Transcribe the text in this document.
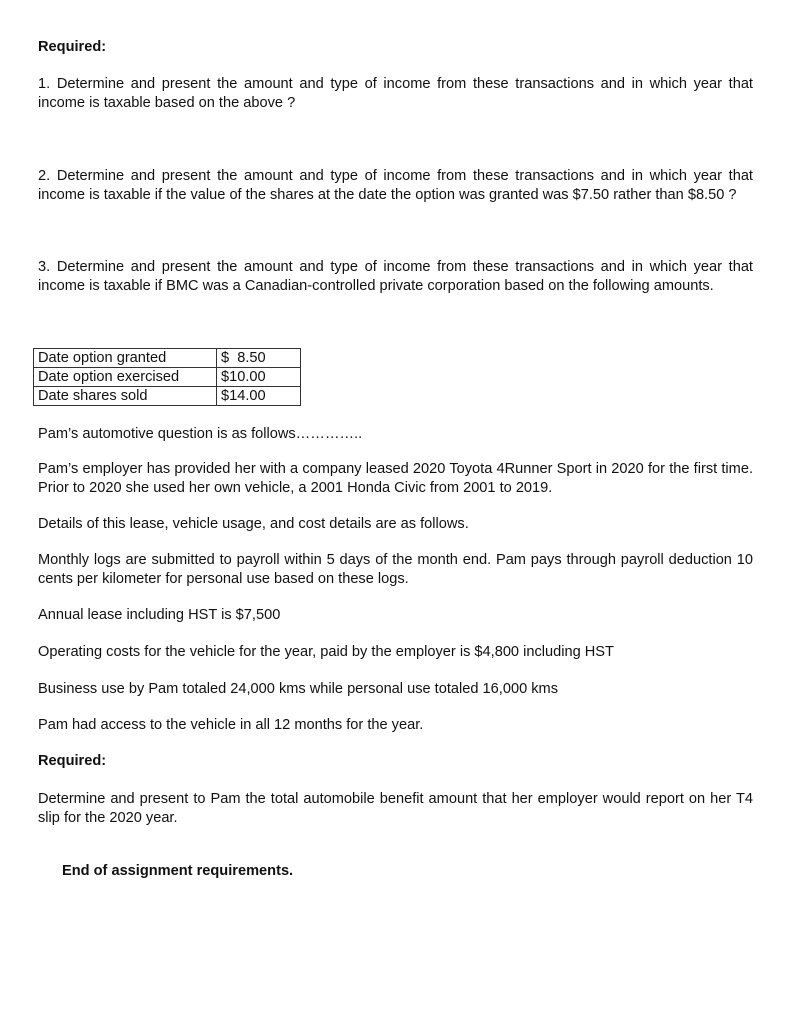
Required:

1. Determine and present the amount and type of income from these transactions and in which year that income is taxable based on the above ?

2. Determine and present the amount and type of income from these transactions and in which year that income is taxable if the value of the shares at the date the option was granted was $7.50 rather than $8.50 ?

3. Determine and present the amount and type of income from these transactions and in which year that income is taxable if BMC was a Canadian-controlled private corporation based on the following amounts.

Date option granted	$  8.50
Date option exercised	$10.00
Date shares sold	$14.00

Pam’s automotive question is as follows…………..

Pam’s employer has provided her with a company leased 2020 Toyota 4Runner Sport in 2020 for the first time. Prior to 2020 she used her own vehicle, a 2001 Honda Civic from 2001 to 2019.

Details of this lease, vehicle usage, and cost details are as follows.

Monthly logs are submitted to payroll within 5 days of the month end. Pam pays through payroll deduction 10 cents per kilometer for personal use based on these logs.

Annual lease including HST is $7,500

Operating costs for the vehicle for the year, paid by the employer is $4,800 including HST

Business use by Pam totaled 24,000 kms while personal use totaled 16,000 kms

Pam had access to the vehicle in all 12 months for the year.

Required:

Determine and present to Pam the total automobile benefit amount that her employer would report on her T4 slip for the 2020 year.

End of assignment requirements.
